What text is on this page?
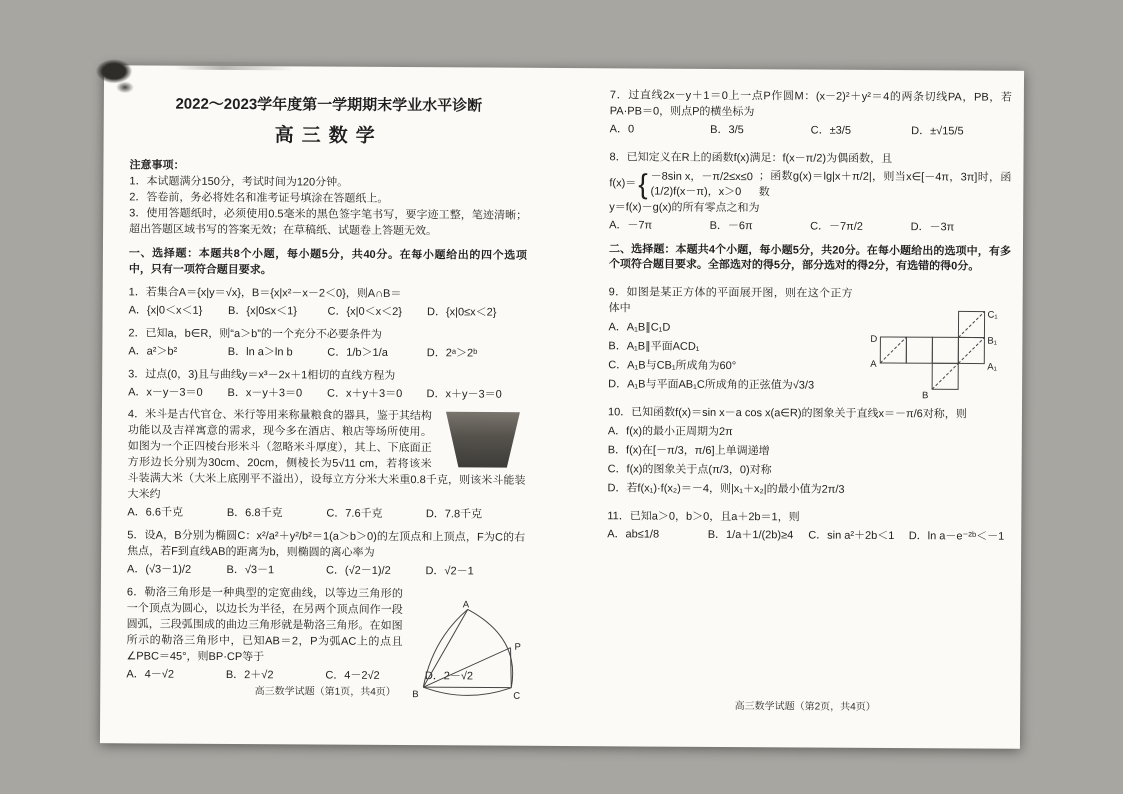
2022～2023学年度第一学期期末学业水平诊断
高三数学
注意事项：
1．本试题满分150分，考试时间为120分钟。
2．答卷前，务必将姓名和准考证号填涂在答题纸上。
3．使用答题纸时，必须使用0.5毫米的黑色签字笔书写，要字迹工整，笔迹清晰；超出答题区域书写的答案无效；在草稿纸、试题卷上答题无效。
一、选择题：本题共8个小题，每小题5分，共40分。在每小题给出的四个选项中，只有一项符合题目要求。
1．若集合A＝{x|y＝√x}，B＝{x|x²－x－2＜0}，则A∩B＝
A．{x|0＜x＜1}	B．{x|0≤x＜1}	C．{x|0＜x＜2}	D．{x|0≤x＜2}
2．已知a，b∈R，则“a＞b”的一个充分不必要条件为
A．a²＞b²	B．ln a＞ln b	C．1/b＞1/a	D．2ᵃ＞2ᵇ
3．过点(0，3)且与曲线y＝x³－2x＋1相切的直线方程为
A．x－y－3＝0	B．x－y＋3＝0	C．x＋y＋3＝0	D．x＋y－3＝0
4．米斗是古代官仓、米行等用来称量粮食的器具，鉴于其结构功能以及吉祥寓意的需求，现今多在酒店、粮店等场所使用。如图为一个正四棱台形米斗（忽略米斗厚度），其上、下底面正方形边长分别为30cm、20cm，侧棱长为5√11 cm，若将该米斗装满大米（大米上底刚平不溢出），设每立方分米大米重0.8千克，则该米斗能装大米约
A．6.6千克	B．6.8千克	C．7.6千克	D．7.8千克
5．设A，B分别为椭圆C：x²/a²＋y²/b²＝1(a＞b＞0)的左顶点和上顶点，F为C的右焦点，若F到直线AB的距离为b，则椭圆的离心率为
A．(√3－1)/2	B．√3－1	C．(√2－1)/2	D．√2－1
A
P
B	C
6．勒洛三角形是一种典型的定宽曲线，以等边三角形的一个顶点为圆心，以边长为半径，在另两个顶点间作一段圆弧，三段弧围成的曲边三角形就是勒洛三角形。在如图所示的勒洛三角形中，已知AB＝2，P为弧AC上的点且∠PBC＝45°，则BP·CP等于
A．4－√2	B．2＋√2	C．4－2√2	D．2－√2
高三数学试题（第1页，共4页）
7．过直线2x－y＋1＝0上一点P作圆M：(x－2)²＋y²＝4的两条切线PA，PB，若PA·PB＝0，则点P的横坐标为
A．0	B．3/5	C．±3/5	D．±√15/5
8．已知定义在R上的函数f(x)满足：f(x－π/2)为偶函数，且
f(x)＝ { －8sin x，－π/2≤x≤0
(1/2)f(x－π)，x＞0
；函数g(x)＝lg|x＋π/2|，则当x∈[－4π，3π]时，函数
y＝f(x)－g(x)的所有零点之和为
A．－7π	B．－6π	C．－7π/2	D．－3π
二、选择题：本题共4个小题，每小题5分，共20分。在每小题给出的选项中，有多个项符合题目要求。全部选对的得5分，部分选对的得2分，有选错的得0分。
D
A
B
C₁
B₁
A₁
9．如图是某正方体的平面展开图，则在这个正方体中
A．A₁B∥C₁D
B．A₁B∥平面ACD₁
C．A₁B与CB₁所成角为60°
D．A₁B与平面AB₁C所成角的正弦值为√3/3
10．已知函数f(x)＝sin x－a cos x(a∈R)的图象关于直线x＝－π/6对称，则
A．f(x)的最小正周期为2π
B．f(x)在[－π/3，π/6]上单调递增
C．f(x)的图象关于点(π/3，0)对称
D．若f(x₁)·f(x₂)＝－4，则|x₁＋x₂|的最小值为2π/3
11．已知a＞0，b＞0，且a＋2b＝1，则
A．ab≤1/8	B．1/a＋1/(2b)≥4	C．sin a²＋2b＜1	D．ln a－e⁻²ᵇ＜－1
高三数学试题（第2页，共4页）
